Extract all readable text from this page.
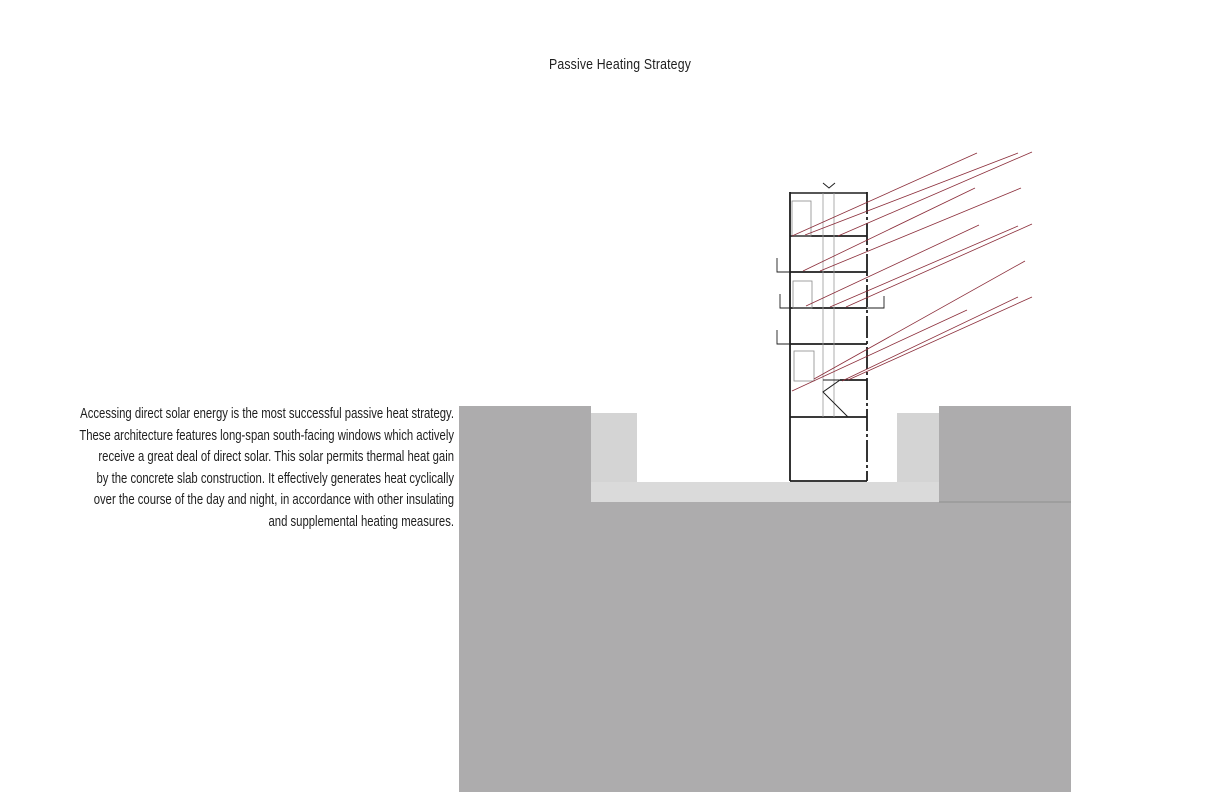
Passive Heating Strategy
Accessing direct solar energy is the most successful passive heat strategy.
These architecture features long-span south-facing windows which actively
receive a great deal of direct solar. This solar permits thermal heat gain
by the concrete slab construction. It effectively generates heat cyclically
over the course of the day and night, in accordance with other insulating
and supplemental heating measures.
